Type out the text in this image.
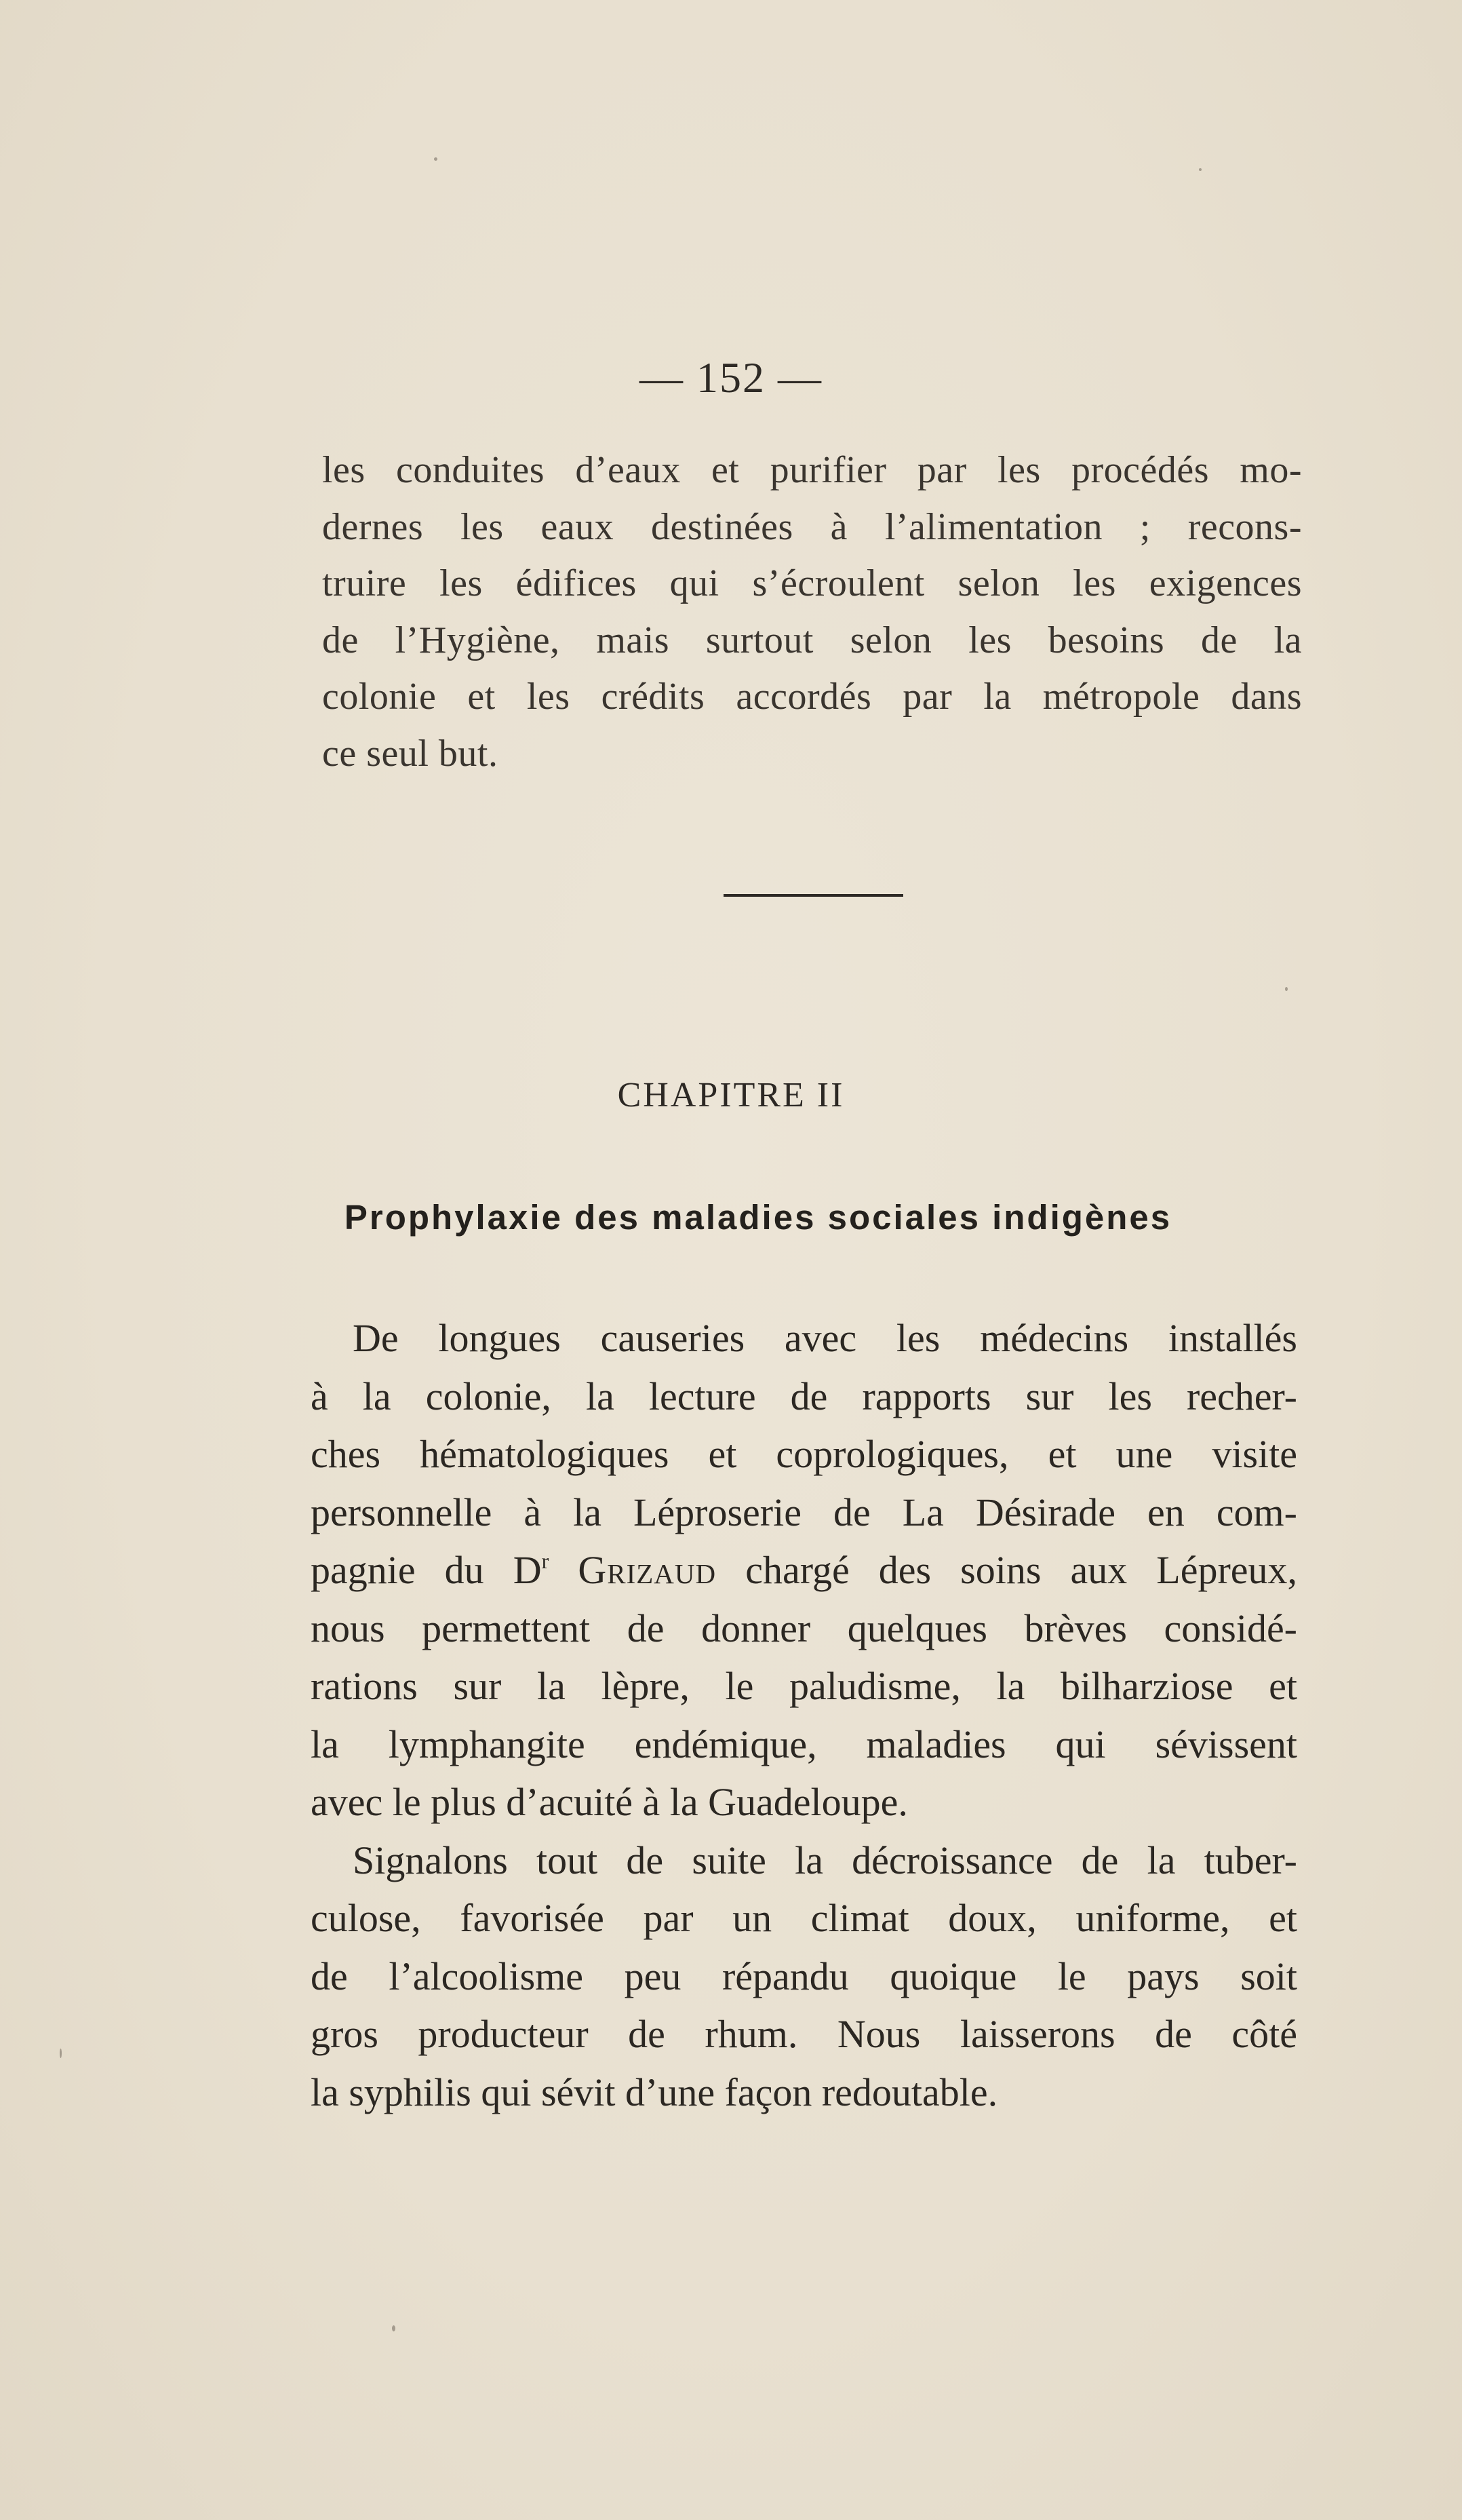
— 152 —
les conduites d’eaux et purifier par les procédés mo-
dernes les eaux destinées à l’alimentation ; recons-
truire les édifices qui s’écroulent selon les exigences
de l’Hygiène, mais surtout selon les besoins de la
colonie et les crédits accordés par la métropole dans
ce seul but.
CHAPITRE II
Prophylaxie des maladies sociales indigènes
De longues causeries avec les médecins installés
à la colonie, la lecture de rapports sur les recher-
ches hématologiques et coprologiques, et une visite
personnelle à la Léproserie de La Désirade en com-
pagnie du $D^r$ Grizaud chargé des soins aux Lépreux,
nous permettent de donner quelques brèves considé-
rations sur la lèpre, le paludisme, la bilharziose et
la lymphangite endémique, maladies qui sévissent
avec le plus d’acuité à la Guadeloupe.
Signalons tout de suite la décroissance de la tuber-
culose, favorisée par un climat doux, uniforme, et
de l’alcoolisme peu répandu quoique le pays soit
gros producteur de rhum. Nous laisserons de côté
la syphilis qui sévit d’une façon redoutable.
